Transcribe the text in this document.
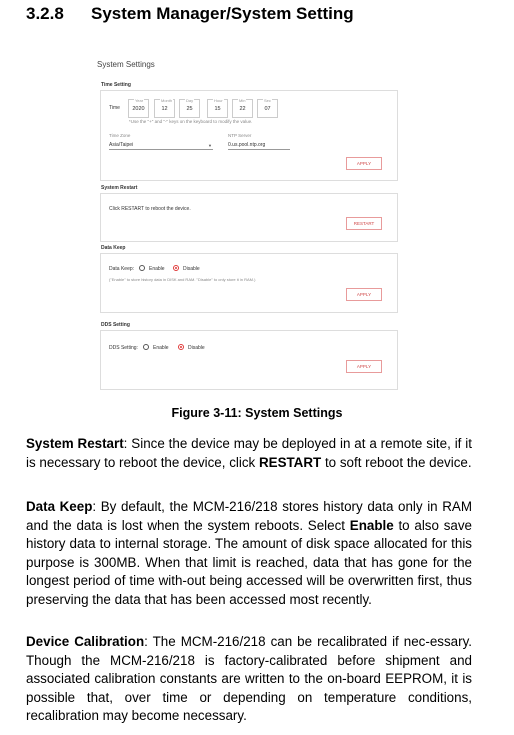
3.2.8 System Manager/System Setting
System Settings
Time Setting
Time
Year
2020
Month
12
Day
25
Hour
15
Min
22
Sec
07
*Use the "+" and "-" keys on the keyboard to modify the value.
Time Zone
Asia/Taipei	▼
NTP Server
0.us.pool.ntp.org
APPLY
System Restart
Click RESTART to reboot the device.
RESTART
Data Keep
Data Keep:	Enable	Disable
("Enable" to store history data in DISK and RAM. "Disable" to only store it in RAM.)
APPLY
DDS Setting
DDS Setting:	Enable	Disable
APPLY
Figure 3-11: System Settings

System Restart: Since the device may be deployed in at a remote site, if it is necessary to reboot the device, click RESTART to soft reboot the device.

Data Keep: By default, the MCM-216/218 stores history data only in RAM and the data is lost when the system reboots. Select Enable to also save history data to internal storage. The amount of disk space allocated for this purpose is 300MB. When that limit is reached, data that has gone for the longest period of time with-out being accessed will be overwritten first, thus preserving the data that has been accessed most recently.

Device Calibration: The MCM-216/218 can be recalibrated if nec-essary. Though the MCM-216/218 is factory-calibrated before shipment and associated calibration constants are written to the on-board EEPROM, it is possible that, over time or depending on temperature conditions, recalibration may become necessary.
